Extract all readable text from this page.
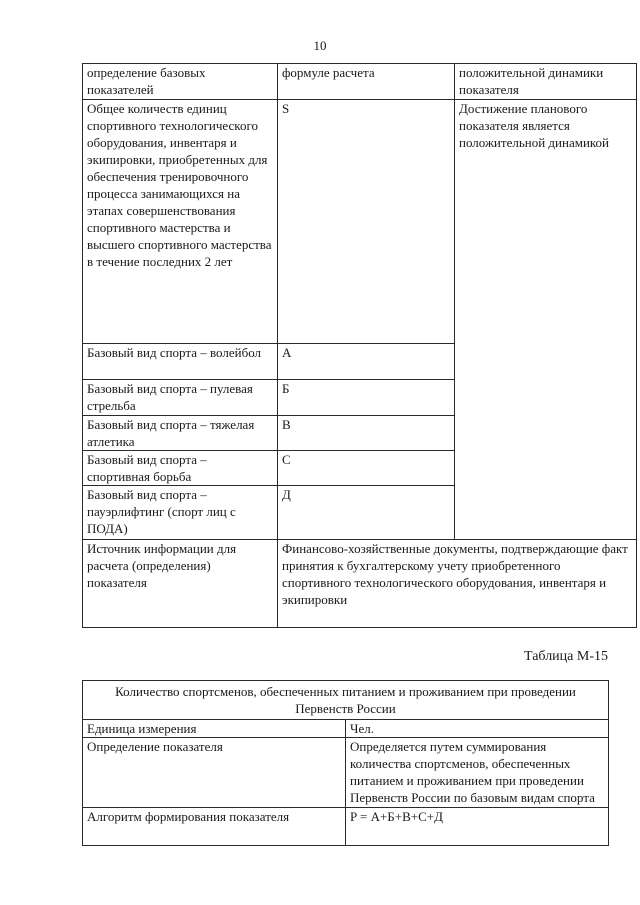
10
определение базовых показателей	формуле расчета	положительной динамики показателя
Общее количеств единиц спортивного технологического оборудования, инвентаря и экипировки, приобретенных для обеспечения тренировочного процесса занимающихся на этапах совершенствования спортивного мастерства и высшего спортивного мастерства в течение последних 2 лет	S	Достижение планового показателя является положительной динамикой
Базовый вид спорта – волейбол	А	
Базовый вид спорта – пулевая стрельба	Б	
Базовый вид спорта – тяжелая атлетика	В	
Базовый вид спорта – спортивная борьба	С	
Базовый вид спорта – пауэрлифтинг (спорт лиц с ПОДА)	Д	
Источник информации для расчета (определения) показателя	Финансово-хозяйственные документы, подтверждающие факт принятия к бухгалтерскому учету приобретенного спортивного технологического оборудования, инвентаря и экипировки	
Таблица М-15
Количество спортсменов, обеспеченных питанием и проживанием при проведении Первенств России	
Единица измерения	Чел.
Определение показателя	Определяется путем суммирования количества спортсменов, обеспеченных питанием и проживанием при проведении Первенств России по базовым видам спорта
Алгоритм формирования показателя	P = А+Б+В+С+Д
